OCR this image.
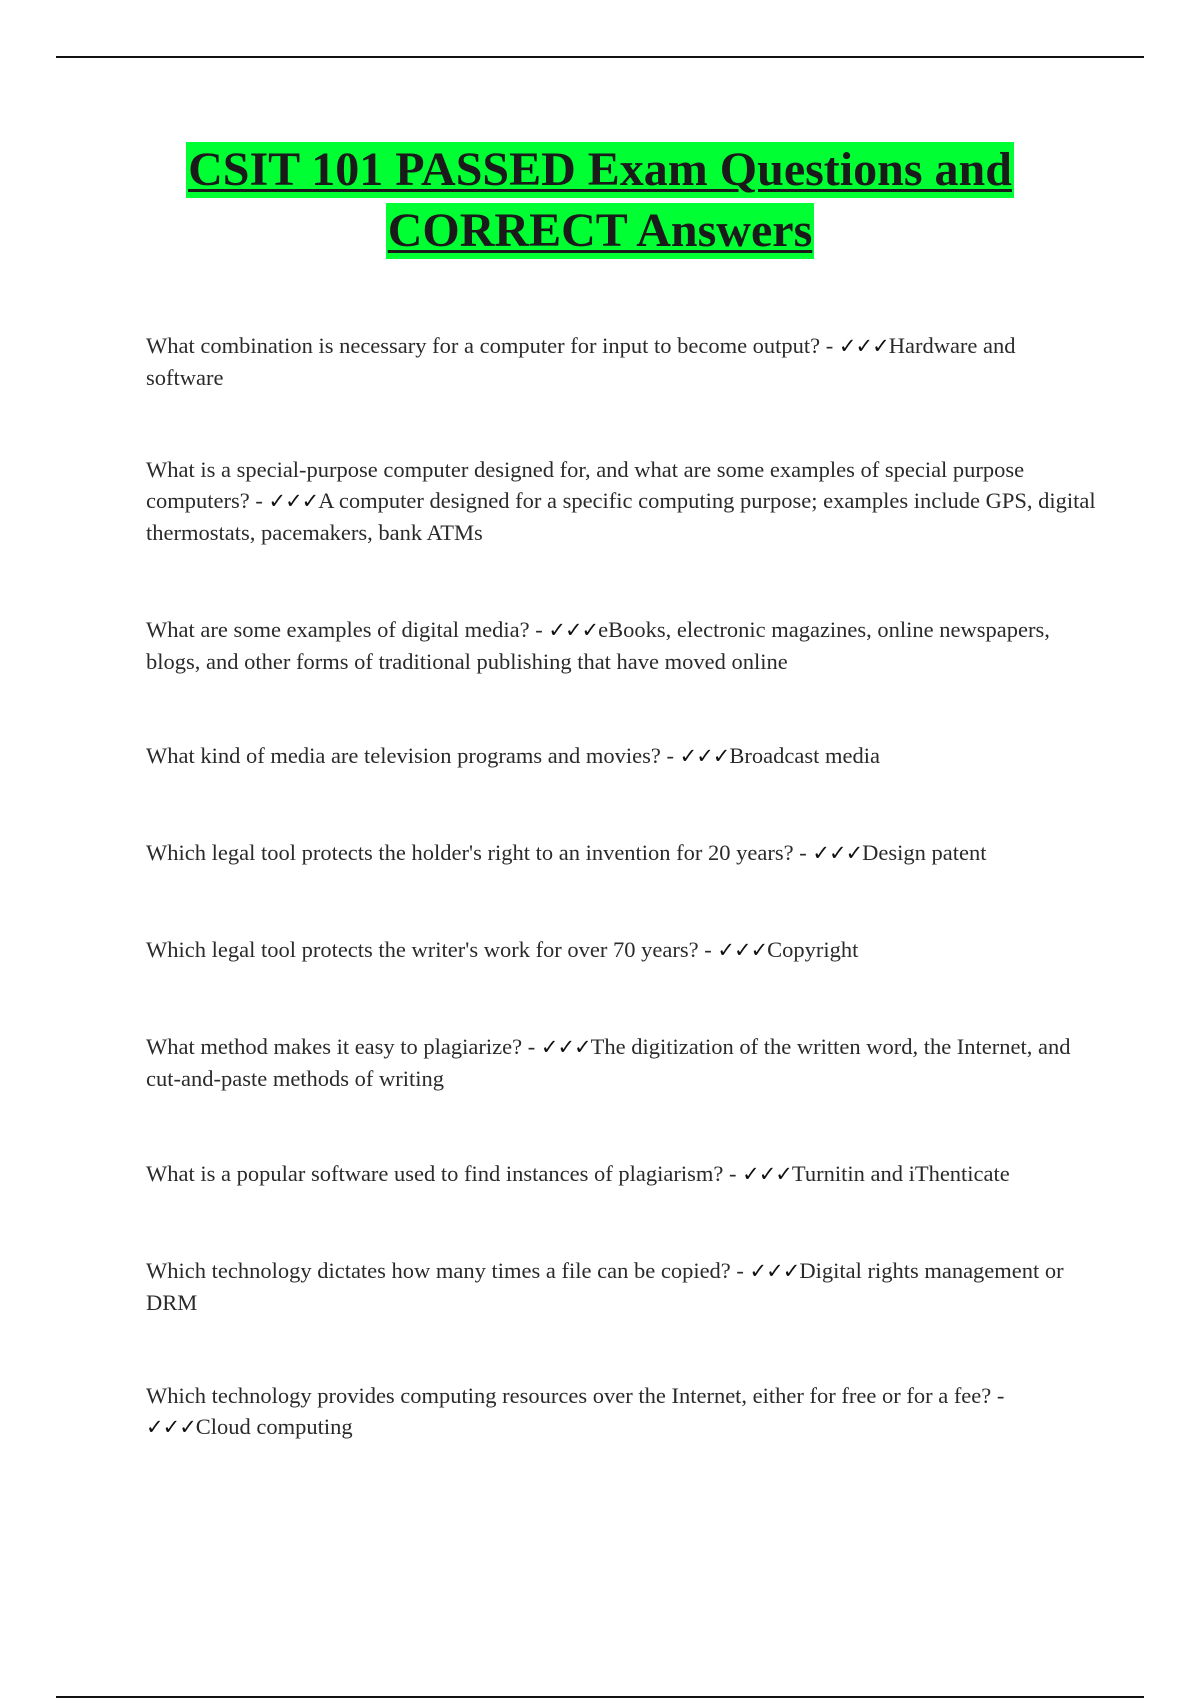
CSIT 101 PASSED Exam Questions and
CORRECT Answers
What combination is necessary for a computer for input to become output? - ✓✓✓Hardware and software
What is a special-purpose computer designed for, and what are some examples of special purpose computers? - ✓✓✓A computer designed for a specific computing purpose; examples include GPS, digital thermostats, pacemakers, bank ATMs
What are some examples of digital media? - ✓✓✓eBooks, electronic magazines, online newspapers, blogs, and other forms of traditional publishing that have moved online
What kind of media are television programs and movies? - ✓✓✓Broadcast media
Which legal tool protects the holder's right to an invention for 20 years? - ✓✓✓Design patent
Which legal tool protects the writer's work for over 70 years? - ✓✓✓Copyright
What method makes it easy to plagiarize? - ✓✓✓The digitization of the written word, the Internet, and cut-and-paste methods of writing
What is a popular software used to find instances of plagiarism? - ✓✓✓Turnitin and iThenticate
Which technology dictates how many times a file can be copied? - ✓✓✓Digital rights management or DRM
Which technology provides computing resources over the Internet, either for free or for a fee? - ✓✓✓Cloud computing
